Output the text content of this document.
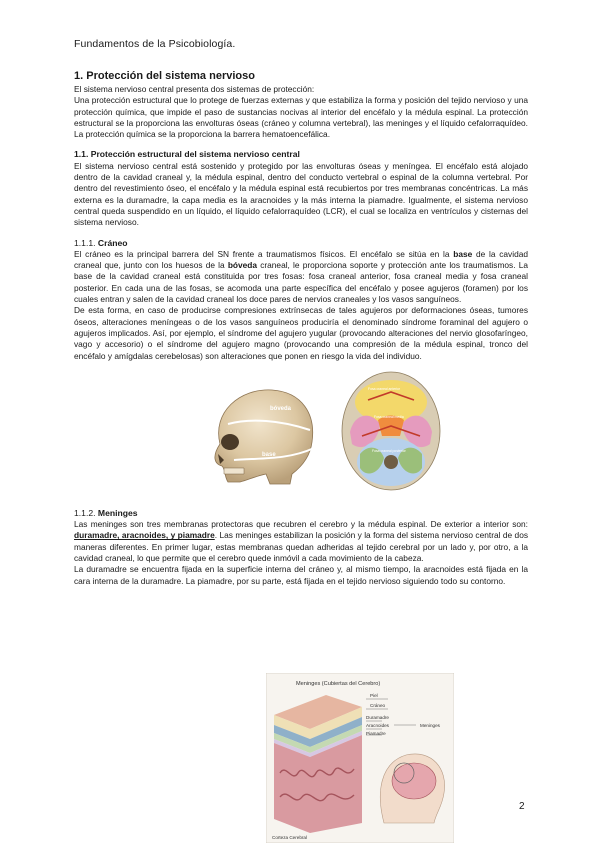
Fundamentos de la Psicobiología.
1. Protección del sistema nervioso

El sistema nervioso central presenta dos sistemas de protección:

Una protección estructural que lo protege de fuerzas externas y que estabiliza la forma y posición del tejido nervioso y una protección química, que impide el paso de sustancias nocivas al interior del encéfalo y la médula espinal. La protección estructural se la proporciona las envolturas óseas (cráneo y columna vertebral), las meninges y el líquido cefalorraquídeo. La protección química se la proporciona la barrera hematoencefálica.

1.1. Protección estructural del sistema nervioso central

El sistema nervioso central está sostenido y protegido por las envolturas óseas y meníngea. El encéfalo está alojado dentro de la cavidad craneal y, la médula espinal, dentro del conducto vertebral o espinal de la columna vertebral. Por dentro del revestimiento óseo, el encéfalo y la médula espinal está recubiertos por tres membranas concéntricas. La más externa es la duramadre, la capa media es la aracnoides y la más interna la piamadre. Igualmente, el sistema nervioso central queda suspendido en un líquido, el líquido cefalorraquídeo (LCR), el cual se localiza en ventrículos y cisternas del sistema nervioso.

1.1.1. Cráneo

El cráneo es la principal barrera del SN frente a traumatismos físicos. El encéfalo se sitúa en la base de la cavidad craneal que, junto con los huesos de la bóveda craneal, le proporciona soporte y protección ante los traumatismos. La base de la cavidad craneal está constituida por tres fosas: fosa craneal anterior, fosa craneal media y fosa craneal posterior. En cada una de las fosas, se acomoda una parte específica del encéfalo y posee agujeros (foramen) por los cuales entran y salen de la cavidad craneal los doce pares de nervios craneales y los vasos sanguíneos.

De esta forma, en caso de producirse compresiones extrínsecas de tales agujeros por deformaciones óseas, tumores óseos, alteraciones meníngeas o de los vasos sanguíneos produciría el denominado síndrome foraminal del agujero o agujeros implicados. Así, por ejemplo, el síndrome del agujero yugular (provocando alteraciones del nervio glosofaríngeo, vago y accesorio) o el síndrome del agujero magno (provocando una compresión de la médula espinal, tronco del encéfalo y amígdalas cerebelosas) son alteraciones que ponen en riesgo la vida del individuo.

bóveda
base
Fosa craneal anterior
Fosa craneal media
Fosa craneal posterior
1.1.2. Meninges

Las meninges son tres membranas protectoras que recubren el cerebro y la médula espinal. De exterior a interior son: duramadre, aracnoides, y piamadre. Las meninges estabilizan la posición y la forma del sistema nervioso central de dos maneras diferentes. En primer lugar, estas membranas quedan adheridas al tejido cerebral por un lado y, por otro, a la cavidad craneal, lo que permite que el cerebro quede inmóvil a cada movimiento de la cabeza.

La duramadre se encuentra fijada en la superficie interna del cráneo y, al mismo tiempo, la aracnoides está fijada en la cara interna de la duramadre. La piamadre, por su parte, está fijada en el tejido nervioso siguiendo todo su contorno.

Meninges (Cubiertas del Cerebro)
Piel
Cráneo
Duramadre
Aracnoides
Piamadre
Meninges
Corteza Cerebral
2
